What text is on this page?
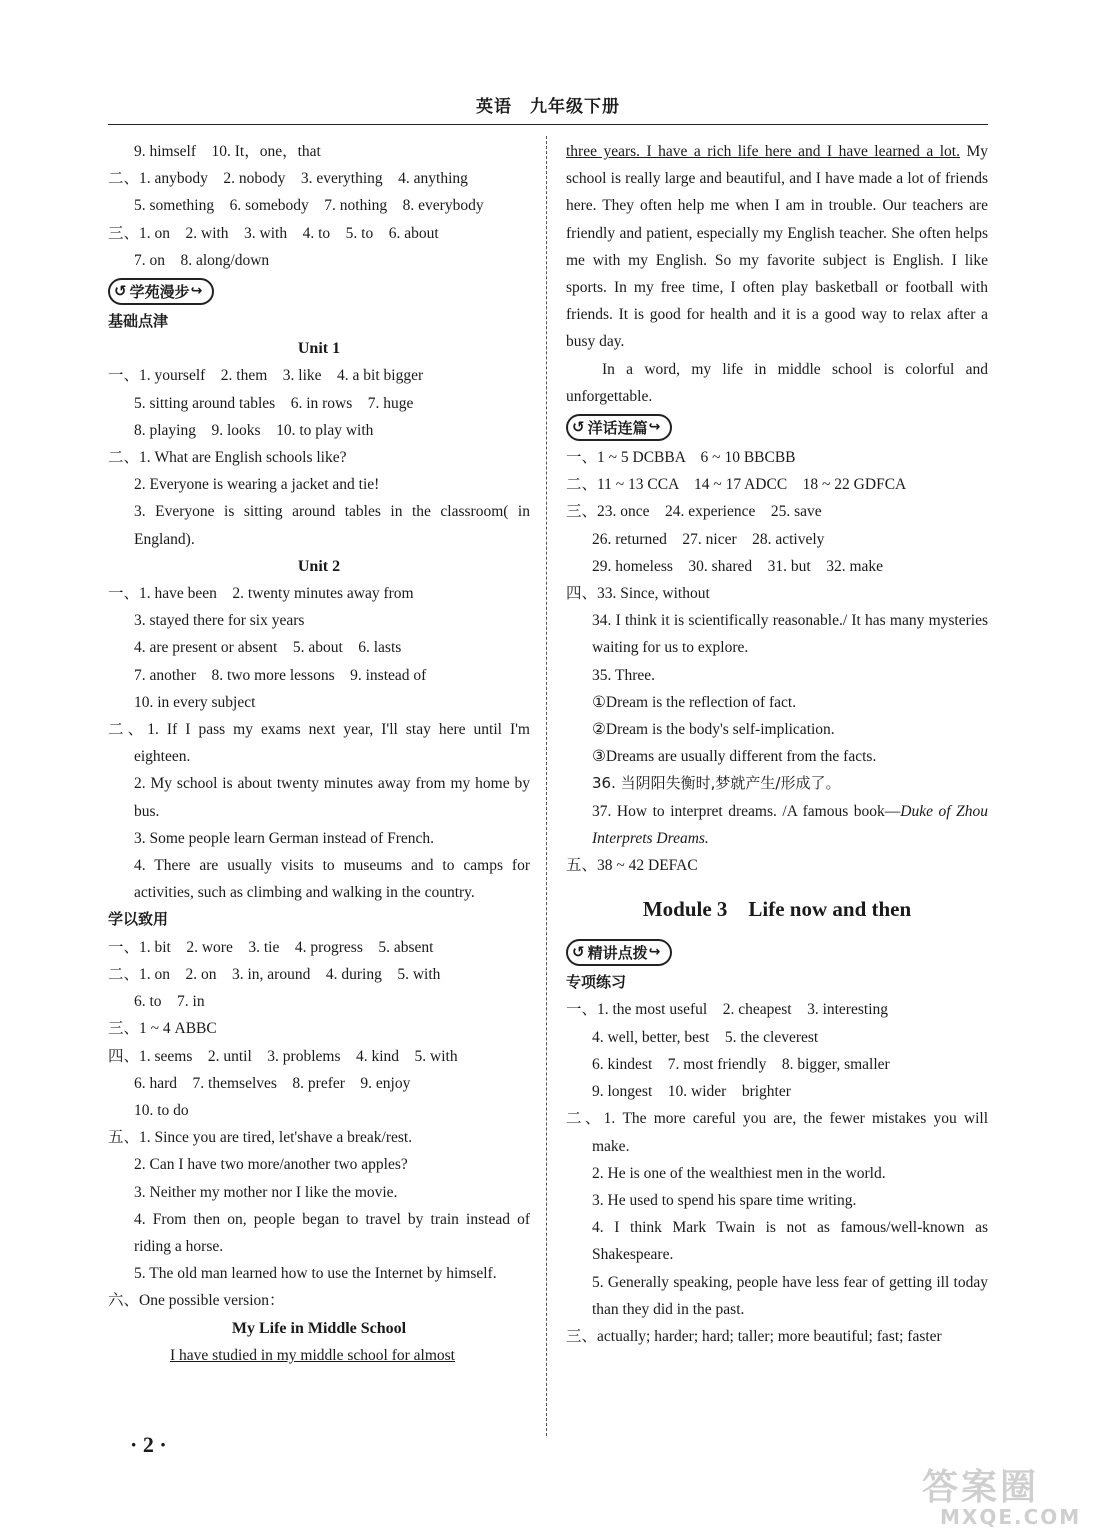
英语　九年级下册
9. himself　10. It，one，that
二、1. anybody　2. nobody　3. everything　4. anything
5. something　6. somebody　7. nothing　8. everybody
三、1. on　2. with　3. with　4. to　5. to　6. about
7. on　8. along/down
↺ 学苑漫步 ↪
基础点津
Unit 1
一、1. yourself　2. them　3. like　4. a bit bigger
5. sitting around tables　6. in rows　7. huge
8. playing　9. looks　10. to play with
二、1. What are English schools like?
2. Everyone is wearing a jacket and tie!
3. Everyone is sitting around tables in the classroom( in England).
Unit 2
一、1. have been　2. twenty minutes away from
3. stayed there for six years
4. are present or absent　5. about　6. lasts
7. another　8. two more lessons　9. instead of
10. in every subject
二、1. If I pass my exams next year, I'll stay here until I'm eighteen.
2. My school is about twenty minutes away from my home by bus.
3. Some people learn German instead of French.
4. There are usually visits to museums and to camps for activities, such as climbing and walking in the country.
学以致用
一、1. bit　2. wore　3. tie　4. progress　5. absent
二、1. on　2. on　3. in, around　4. during　5. with
6. to　7. in
三、1 ~ 4 ABBC
四、1. seems　2. until　3. problems　4. kind　5. with
6. hard　7. themselves　8. prefer　9. enjoy
10. to do
五、1. Since you are tired, let'shave a break/rest.
2. Can I have two more/another two apples?
3. Neither my mother nor I like the movie.
4. From then on, people began to travel by train instead of riding a horse.
5. The old man learned how to use the Internet by himself.
六、One possible version：
My Life in Middle School
I have studied in my middle school for almost
three years. I have a rich life here and I have learned a lot. My school is really large and beautiful, and I have made a lot of friends here. They often help me when I am in trouble. Our teachers are friendly and patient, especially my English teacher. She often helps me with my English. So my favorite subject is English. I like sports. In my free time, I often play basketball or football with friends. It is good for health and it is a good way to relax after a busy day.
In a word, my life in middle school is colorful and unforgettable.
↺ 洋话连篇 ↪
一、1 ~ 5 DCBBA　6 ~ 10 BBCBB
二、11 ~ 13 CCA　14 ~ 17 ADCC　18 ~ 22 GDFCA
三、23. once　24. experience　25. save
26. returned　27. nicer　28. actively
29. homeless　30. shared　31. but　32. make
四、33. Since, without
34. I think it is scientifically reasonable./ It has many mysteries waiting for us to explore.
35. Three.
①Dream is the reflection of fact.
②Dream is the body's self-implication.
③Dreams are usually different from the facts.
36. 当阴阳失衡时,梦就产生/形成了。
37. How to interpret dreams. /A famous book—Duke of Zhou Interprets Dreams.
五、38 ~ 42 DEFAC
Module 3　Life now and then
↺ 精讲点拨 ↪
专项练习
一、1. the most useful　2. cheapest　3. interesting
4. well, better, best　5. the cleverest
6. kindest　7. most friendly　8. bigger, smaller
9. longest　10. wider　brighter
二、1. The more careful you are, the fewer mistakes you will make.
2. He is one of the wealthiest men in the world.
3. He used to spend his spare time writing.
4. I think Mark Twain is not as famous/well-known as Shakespeare.
5. Generally speaking, people have less fear of getting ill today than they did in the past.
三、actually; harder; hard; taller; more beautiful; fast; faster
· 2 ·
答案圈
MXQE.COM
